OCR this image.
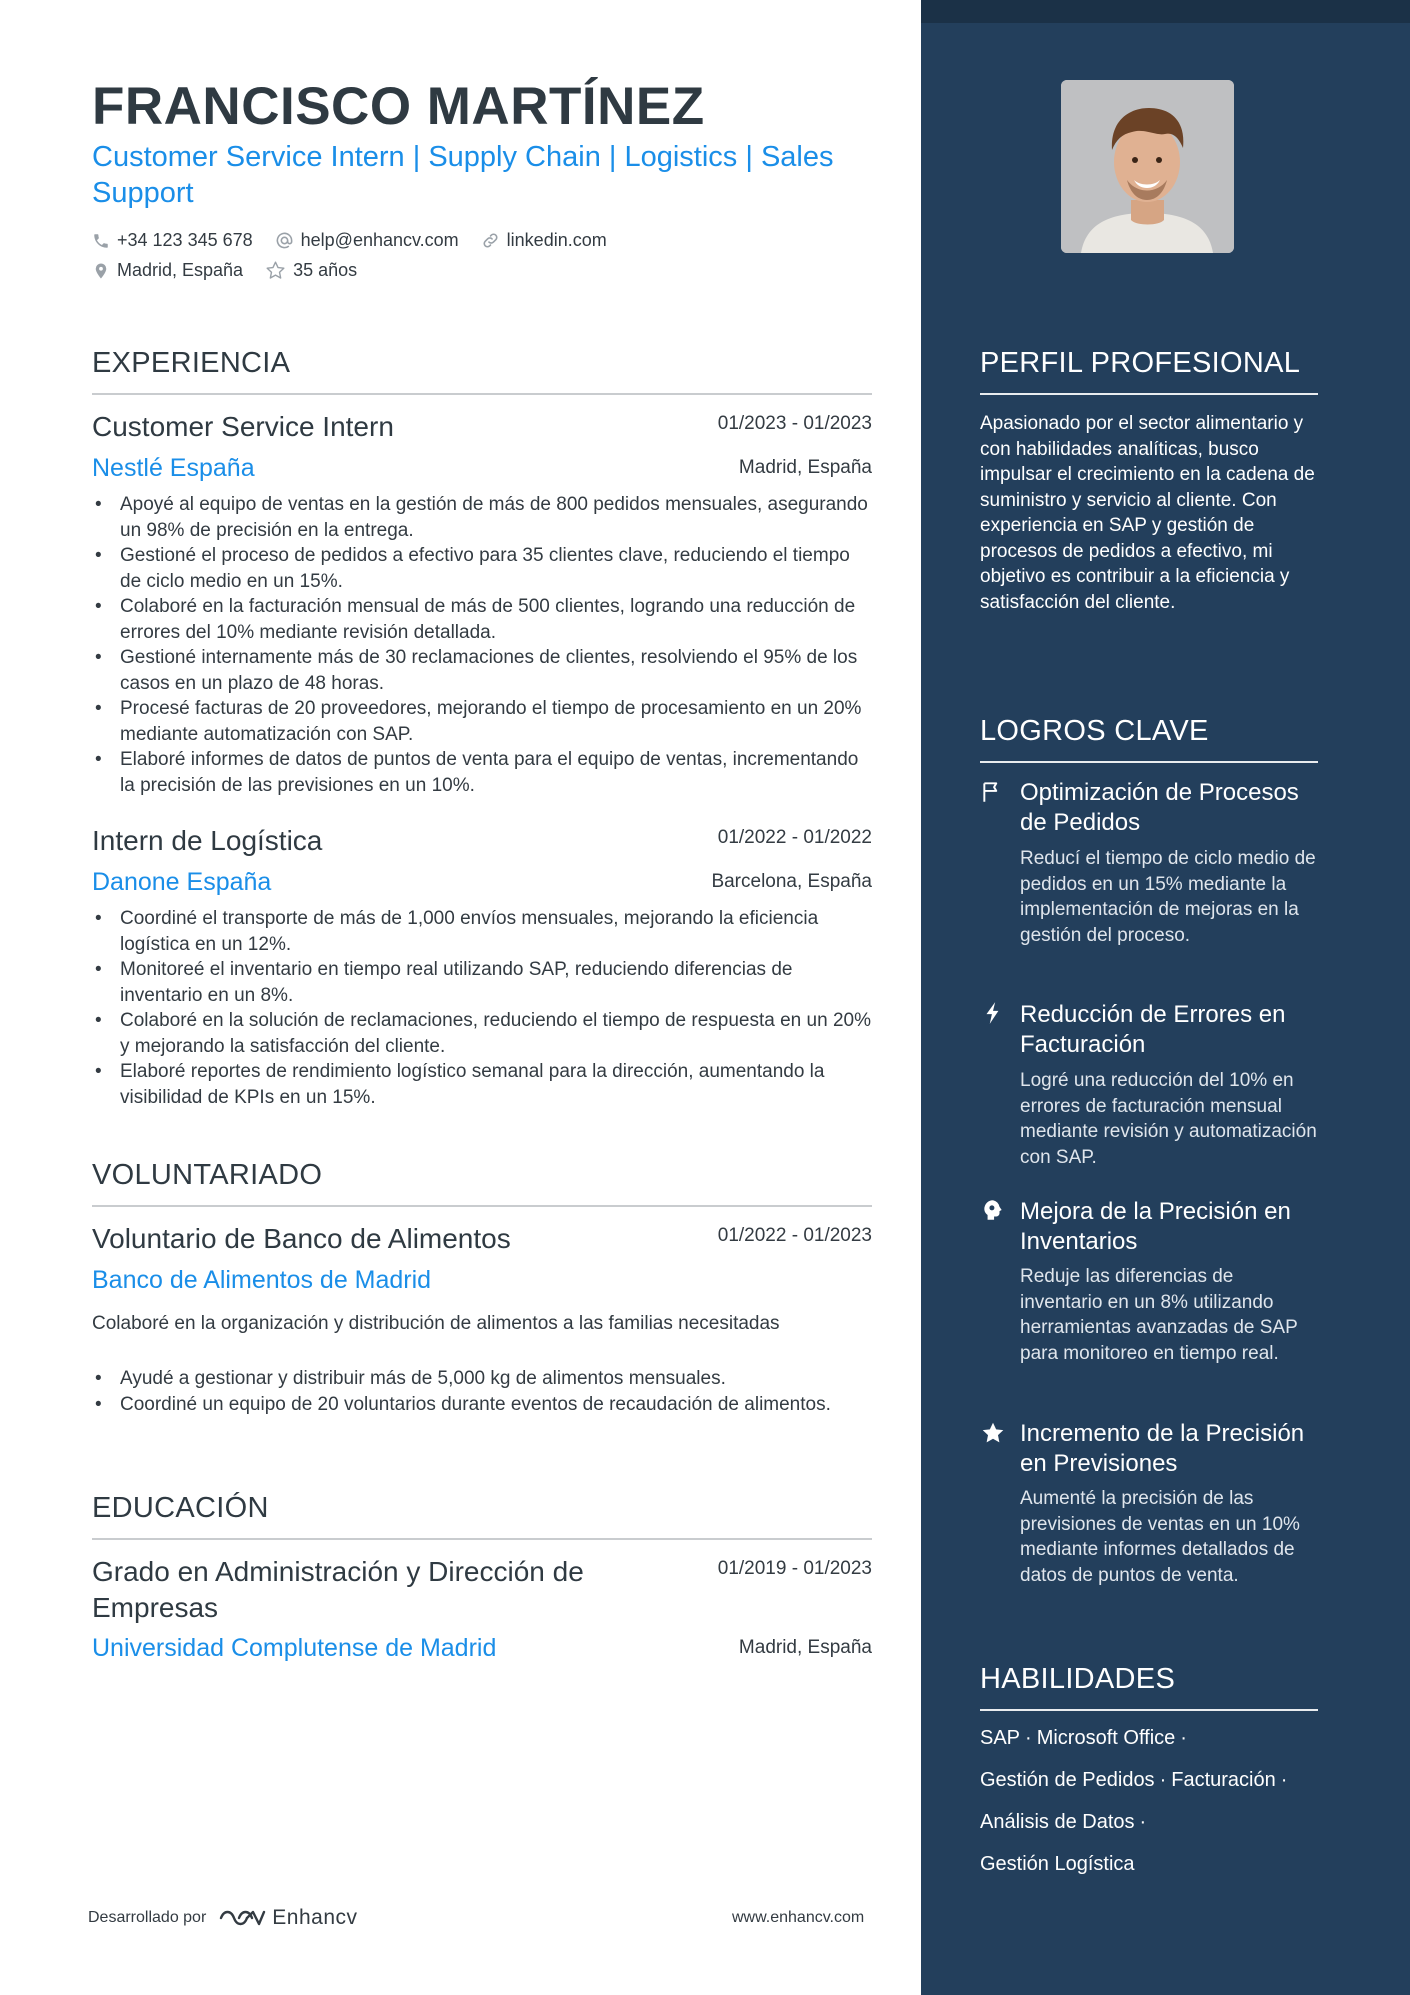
FRANCISCO MARTÍNEZ
Customer Service Intern | Supply Chain | Logistics | Sales Support
+34 123 345 678	help@enhancv.com	linkedin.com
Madrid, España	35 años
EXPERIENCIA
Customer Service Intern	01/2023 - 01/2023
Nestlé España	Madrid, España
• Apoyé al equipo de ventas en la gestión de más de 800 pedidos mensuales, asegurando un 98% de precisión en la entrega.
• Gestioné el proceso de pedidos a efectivo para 35 clientes clave, reduciendo el tiempo de ciclo medio en un 15%.
• Colaboré en la facturación mensual de más de 500 clientes, logrando una reducción de errores del 10% mediante revisión detallada.
• Gestioné internamente más de 30 reclamaciones de clientes, resolviendo el 95% de los casos en un plazo de 48 horas.
• Procesé facturas de 20 proveedores, mejorando el tiempo de procesamiento en un 20% mediante automatización con SAP.
• Elaboré informes de datos de puntos de venta para el equipo de ventas, incrementando la precisión de las previsiones en un 10%.
Intern de Logística	01/2022 - 01/2022
Danone España	Barcelona, España
• Coordiné el transporte de más de 1,000 envíos mensuales, mejorando la eficiencia logística en un 12%.
• Monitoreé el inventario en tiempo real utilizando SAP, reduciendo diferencias de inventario en un 8%.
• Colaboré en la solución de reclamaciones, reduciendo el tiempo de respuesta en un 20% y mejorando la satisfacción del cliente.
• Elaboré reportes de rendimiento logístico semanal para la dirección, aumentando la visibilidad de KPIs en un 15%.
VOLUNTARIADO
Voluntario de Banco de Alimentos	01/2022 - 01/2023
Banco de Alimentos de Madrid
Colaboré en la organización y distribución de alimentos a las familias necesitadas
• Ayudé a gestionar y distribuir más de 5,000 kg de alimentos mensuales.
• Coordiné un equipo de 20 voluntarios durante eventos de recaudación de alimentos.
EDUCACIÓN
Grado en Administración y Dirección de Empresas
01/2019 - 01/2023
Universidad Complutense de Madrid	Madrid, España
Desarrollado por	Enhancv	www.enhancv.com
PERFIL PROFESIONAL
Apasionado por el sector alimentario y con habilidades analíticas, busco impulsar el crecimiento en la cadena de suministro y servicio al cliente. Con experiencia en SAP y gestión de procesos de pedidos a efectivo, mi objetivo es contribuir a la eficiencia y satisfacción del cliente.
LOGROS CLAVE
Optimización de Procesos de Pedidos
Reducí el tiempo de ciclo medio de pedidos en un 15% mediante la implementación de mejoras en la gestión del proceso.
Reducción de Errores en Facturación
Logré una reducción del 10% en errores de facturación mensual mediante revisión y automatización con SAP.
Mejora de la Precisión en Inventarios
Reduje las diferencias de inventario en un 8% utilizando herramientas avanzadas de SAP para monitoreo en tiempo real.
Incremento de la Precisión en Previsiones
Aumenté la precisión de las previsiones de ventas en un 10% mediante informes detallados de datos de puntos de venta.
HABILIDADES
SAP · Microsoft Office ·
Gestión de Pedidos · Facturación ·
Análisis de Datos ·
Gestión Logística
